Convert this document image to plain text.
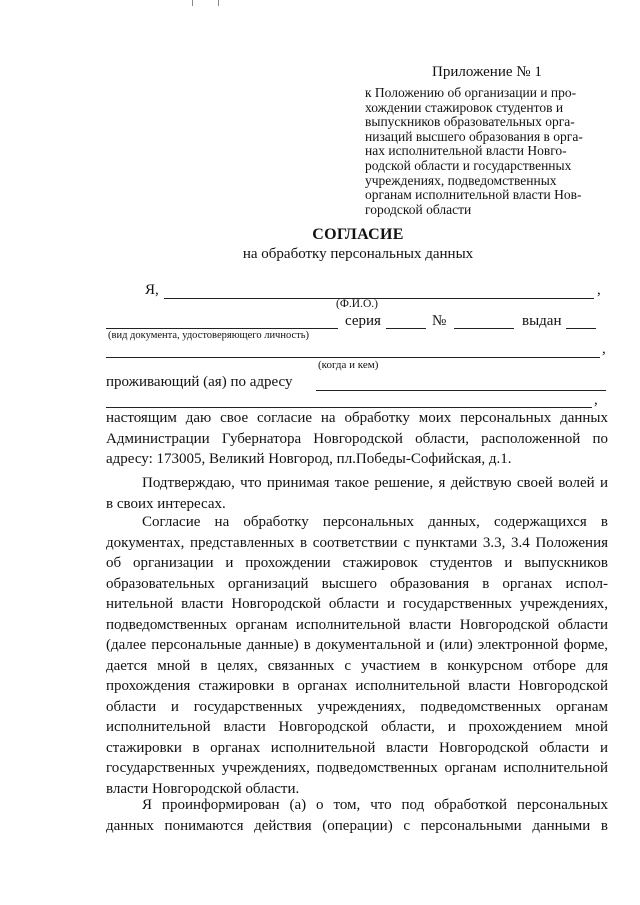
Приложение № 1
к Положению об организации и про-
хождении стажировок студентов и
выпускников образовательных орга-
низаций высшего образования в орга-
нах исполнительной власти Новго-
родской области и государственных
учреждениях, подведомственных
органам исполнительной власти Нов-
городской области
СОГЛАСИЕ
на обработку персональных данных
Я,	,
(Ф.И.О.)
серия	№	выдан
(вид документа, удостоверяющего личность)
,
(когда и кем)
проживающий (ая) по адресу
,
настоящим даю свое согласие на обработку моих персональных данных
Администрации Губернатора Новгородской области, расположенной по
адресу: 173005, Великий Новгород, пл.Победы-Софийская, д.1.
Подтверждаю, что принимая такое решение, я действую своей волей и
в своих интересах.
Согласие на обработку персональных данных, содержащихся в
документах, представленных в соответствии с пунктами 3.3, 3.4 Положения
об организации и прохождении стажировок студентов и выпускников
образовательных организаций высшего образования в органах испол-
нительной власти Новгородской области и государственных учреждениях,
подведомственных органам исполнительной власти Новгородской области
(далее персональные данные) в документальной и (или) электронной форме,
дается мной в целях, связанных с участием в конкурсном отборе для
прохождения стажировки в органах исполнительной власти Новгородской
области и государственных учреждениях, подведомственных органам
исполнительной власти Новгородской области, и прохождением мной
стажировки в органах исполнительной власти Новгородской области и
государственных учреждениях, подведомственных органам исполнительной
власти Новгородской области.
Я проинформирован (а) о том, что под обработкой персональных
данных понимаются действия (операции) с персональными данными в
